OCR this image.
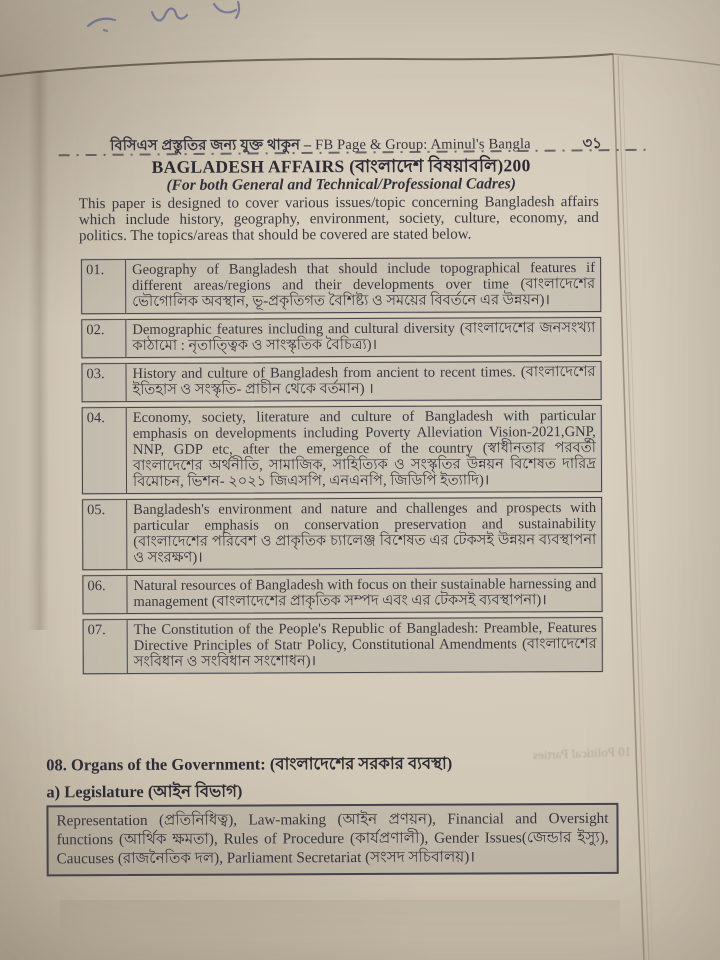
10 Political Parties
বিসিএস প্রস্তুতির জন্য যুক্ত থাকুন – FB Page & Group: Aminul's Bangla	৩১
BAGLADESH AFFAIRS (বাংলাদেশ বিষয়াবলি)200
(For both General and Technical/Professional Cadres)
This paper is designed to cover various issues/topic concerning Bangladesh affairs which include history, geography, environment, society, culture, economy, and politics. The topics/areas that should be covered are stated below.
01.	Geography of Bangladesh that should include topographical features if different areas/regions and their developments over time (বাংলাদেশের ভৌগোলিক অবস্থান, ভূ-প্রকৃতিগত বৈশিষ্ট্য ও সময়ের বিবর্তনে এর উন্নয়ন)।
02.	Demographic features including and cultural diversity (বাংলাদেশের জনসংখ্যা কাঠামো : নৃতাত্ত্বিক ও সাংস্কৃতিক বৈচিত্র্য)।
03.	History and culture of Bangladesh from ancient to recent times. (বাংলাদেশের ইতিহাস ও সংস্কৃতি- প্রাচীন থেকে বর্তমান) ।
04.	Economy, society, literature and culture of Bangladesh with particular emphasis on developments including Poverty Alleviation Vision-2021,GNP, NNP, GDP etc, after the emergence of the country (স্বাধীনতার পরবর্তী বাংলাদেশের অর্থনীতি, সামাজিক, সাহিত্যিক ও সংস্কৃতির উন্নয়ন বিশেষত দারিদ্র বিমোচন, ভিশন- ২০২১ জিএসপি, এনএনপি, জিডিপি ইত্যাদি)।
05.	Bangladesh's environment and nature and challenges and prospects with particular emphasis on conservation preservation and sustainability (বাংলাদেশের পরিবেশ ও প্রাকৃতিক চ্যালেঞ্জ বিশেষত এর টেকসই উন্নয়ন ব্যবস্থাপনা ও সংরক্ষণ)।
06.	Natural resources of Bangladesh with focus on their sustainable harnessing and management (বাংলাদেশের প্রাকৃতিক সম্পদ এবং এর টেকসই ব্যবস্থাপনা)।
07.	The Constitution of the People's Republic of Bangladesh: Preamble, Features Directive Principles of Statr Policy, Constitutional Amendments (বাংলাদেশের সংবিধান ও সংবিধান সংশোধন)।
08. Organs of the Government: (বাংলাদেশের সরকার ব্যবস্থা)
a) Legislature (আইন বিভাগ)
Representation (প্রতিনিধিত্ব), Law-making (আইন প্রণয়ন), Financial and Oversight functions (আর্থিক ক্ষমতা), Rules of Procedure (কার্যপ্রণালী), Gender Issues(জেন্ডার ইস্যু), Caucuses (রাজনৈতিক দল), Parliament Secretariat (সংসদ সচিবালয়)।
